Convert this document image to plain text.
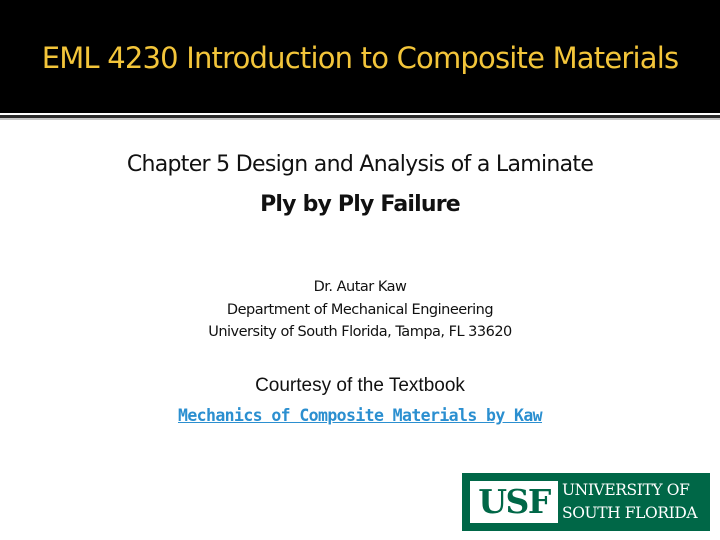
EML 4230 Introduction to Composite Materials
Chapter 5 Design and Analysis of a Laminate
Ply by Ply Failure
Dr. Autar Kaw
Department of Mechanical Engineering
University of South Florida, Tampa, FL 33620
Courtesy of the Textbook
Mechanics of Composite Materials by Kaw
USF UNIVERSITY OF
SOUTH FLORIDA
